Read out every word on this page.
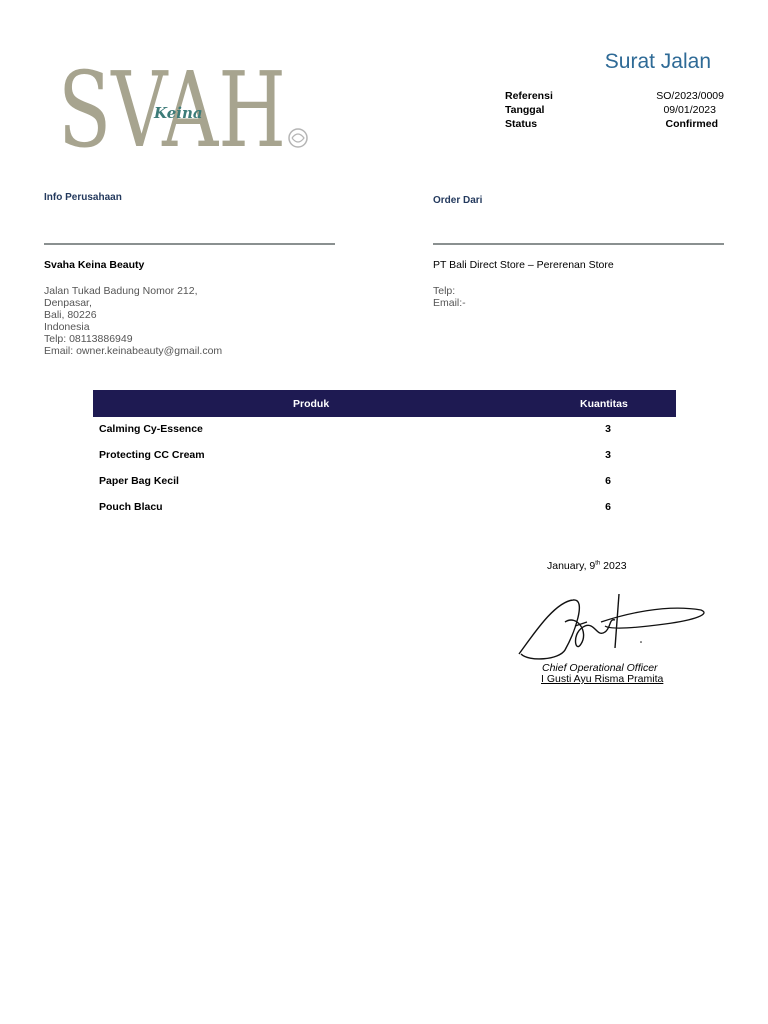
SVAH
Keina
Surat Jalan
Referensi	SO/2023/0009
Tanggal	09/01/2023
Status	Confirmed
Info Perusahaan
Svaha Keina Beauty
Jalan Tukad Badung Nomor 212,
Denpasar,
Bali, 80226
Indonesia
Telp: 08113886949
Email: owner.keinabeauty@gmail.com
Order Dari
PT Bali Direct Store – Pererenan Store
Telp:
Email:-
Produk	Kuantitas
Calming Cy-Essence	3
Protecting CC Cream	3
Paper Bag Kecil	6
Pouch Blacu	6
January, 9th 2023
Chief Operational Officer
I Gusti Ayu Risma Pramita
